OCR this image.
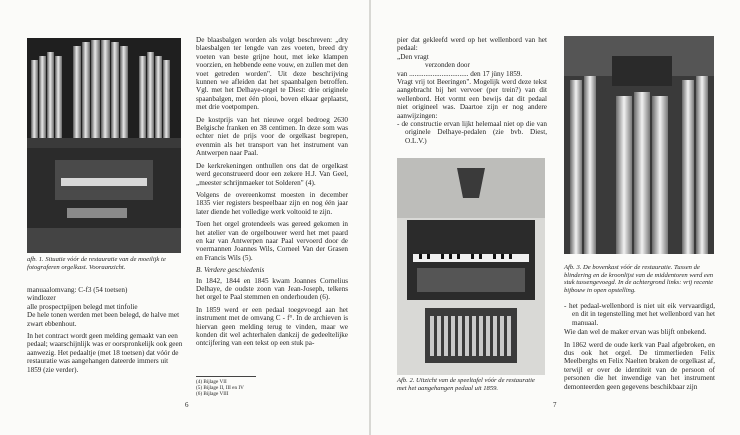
afb. 1. Situatie vóór de restauratie van de moeilijk te fotograferen orgelkast. Vooraanzicht.
manuaalomvang: C-f3 (54 toetsen)
windlozer
alle prospectpijpen belegd met tinfolie
De hele tonen werden met been belegd, de halve met zwart ebbenhout.
In het contract wordt geen melding gemaakt van een pedaal; waarschijnlijk was er oorspronkelijk ook geen aanwezig. Het pedaaltje (met 18 toetsen) dat vóór de restauratie was aangehangen dateerde immers uit 1859 (zie verder).

De blaasbalgen worden als volgt beschreven: „dry blaesbalgen ter lengde van zes voeten, breed dry voeten van beste grijne hout, met ieke klampen voorzien, en hebbende eene vouw, en zullen met den voet getreden worden". Uit deze beschrijving kunnen we afleiden dat het spaanbalgen betroffen. Vgl. met het Delhaye-orgel te Diest: drie originele spaanbalgen, met één plooi, boven elkaar geplaatst, met drie voetpompen.

De kostprijs van het nieuwe orgel bedroeg 2630 Belgische franken en 38 centimen. In deze som was echter niet de prijs voor de orgelkast begrepen, evenmin als het transport van het instrument van Antwerpen naar Paal.

De kerkrekeningen onthullen ons dat de orgelkast werd geconstrueerd door een zekere H.J. Van Geel, „meester schrijnmaeker tot Solderen" (4).

Volgens de overeenkomst moesten in december 1835 vier registers bespeelbaar zijn en nog één jaar later diende het volledige werk voltooid te zijn.

Toen het orgel grotendeels was gereed gekomen in het atelier van de orgelbouwer werd het met paard en kar van Antwerpen naar Paal vervoerd door de voermannen Joannes Wils, Corneel Van der Grasen en Francis Wils (5).

B. Verdere geschiedenis

In 1842, 1844 en 1845 kwam Joannes Cornelius Delhaye, de oudste zoon van Jean-Joseph, telkens het orgel te Paal stemmen en onderhouden (6).

In 1859 werd er een pedaal toegevoegd aan het instrument met de omvang C - f°. In de archieven is hiervan geen melding terug te vinden, maar we konden dit wel achterhalen dankzij de gedeeltelijke ontcijfering van een tekst op een stuk pa-

(4) Bijlage VII
(5) Bijlage II, III en IV
(6) Bijlage VIII
6
pier dat gekleefd werd op het wellenbord van het pedaal:
„Den vragt
verzonden door
van ................................. den 17 jüny 1859.
Vragt vrij tot Beeringen". Mogelijk werd deze tekst aangebracht bij het vervoer (per trein?) van dit wellenbord. Het vormt een bewijs dat dit pedaal niet origineel was. Daartoe zijn er nog andere aanwijzingen:
- de constructie ervan lijkt helemaal niet op die van originele Delhaye-pedalen (zie bvb. Diest, O.L.V.)
Afb. 2. Uitzicht van de speeltafel vóór de restauratie met het aangehangen pedaal uit 1859.
Afb. 3. De bovenkast vóór de restauratie. Tussen de blindering en de kroonlijst van de middentoren werd een stuk tussengevoegd. In de achtergrond links: vrij recente bijbouw in open opstelling.

- het pedaal-wellenbord is niet uit eik vervaardigd, en dit in tegenstelling met het wellenbord van het manuaal.

Wie dan wel de maker ervan was blijft onbekend.

In 1862 werd de oude kerk van Paal afgebroken, en dus ook het orgel. De timmerlieden Felix Meelberghs en Felix Naelten braken de orgelkast af, terwijl er over de identiteit van de persoon of personen die het inwendige van het instrument demonteerden geen gegevens beschikbaar zijn

7
